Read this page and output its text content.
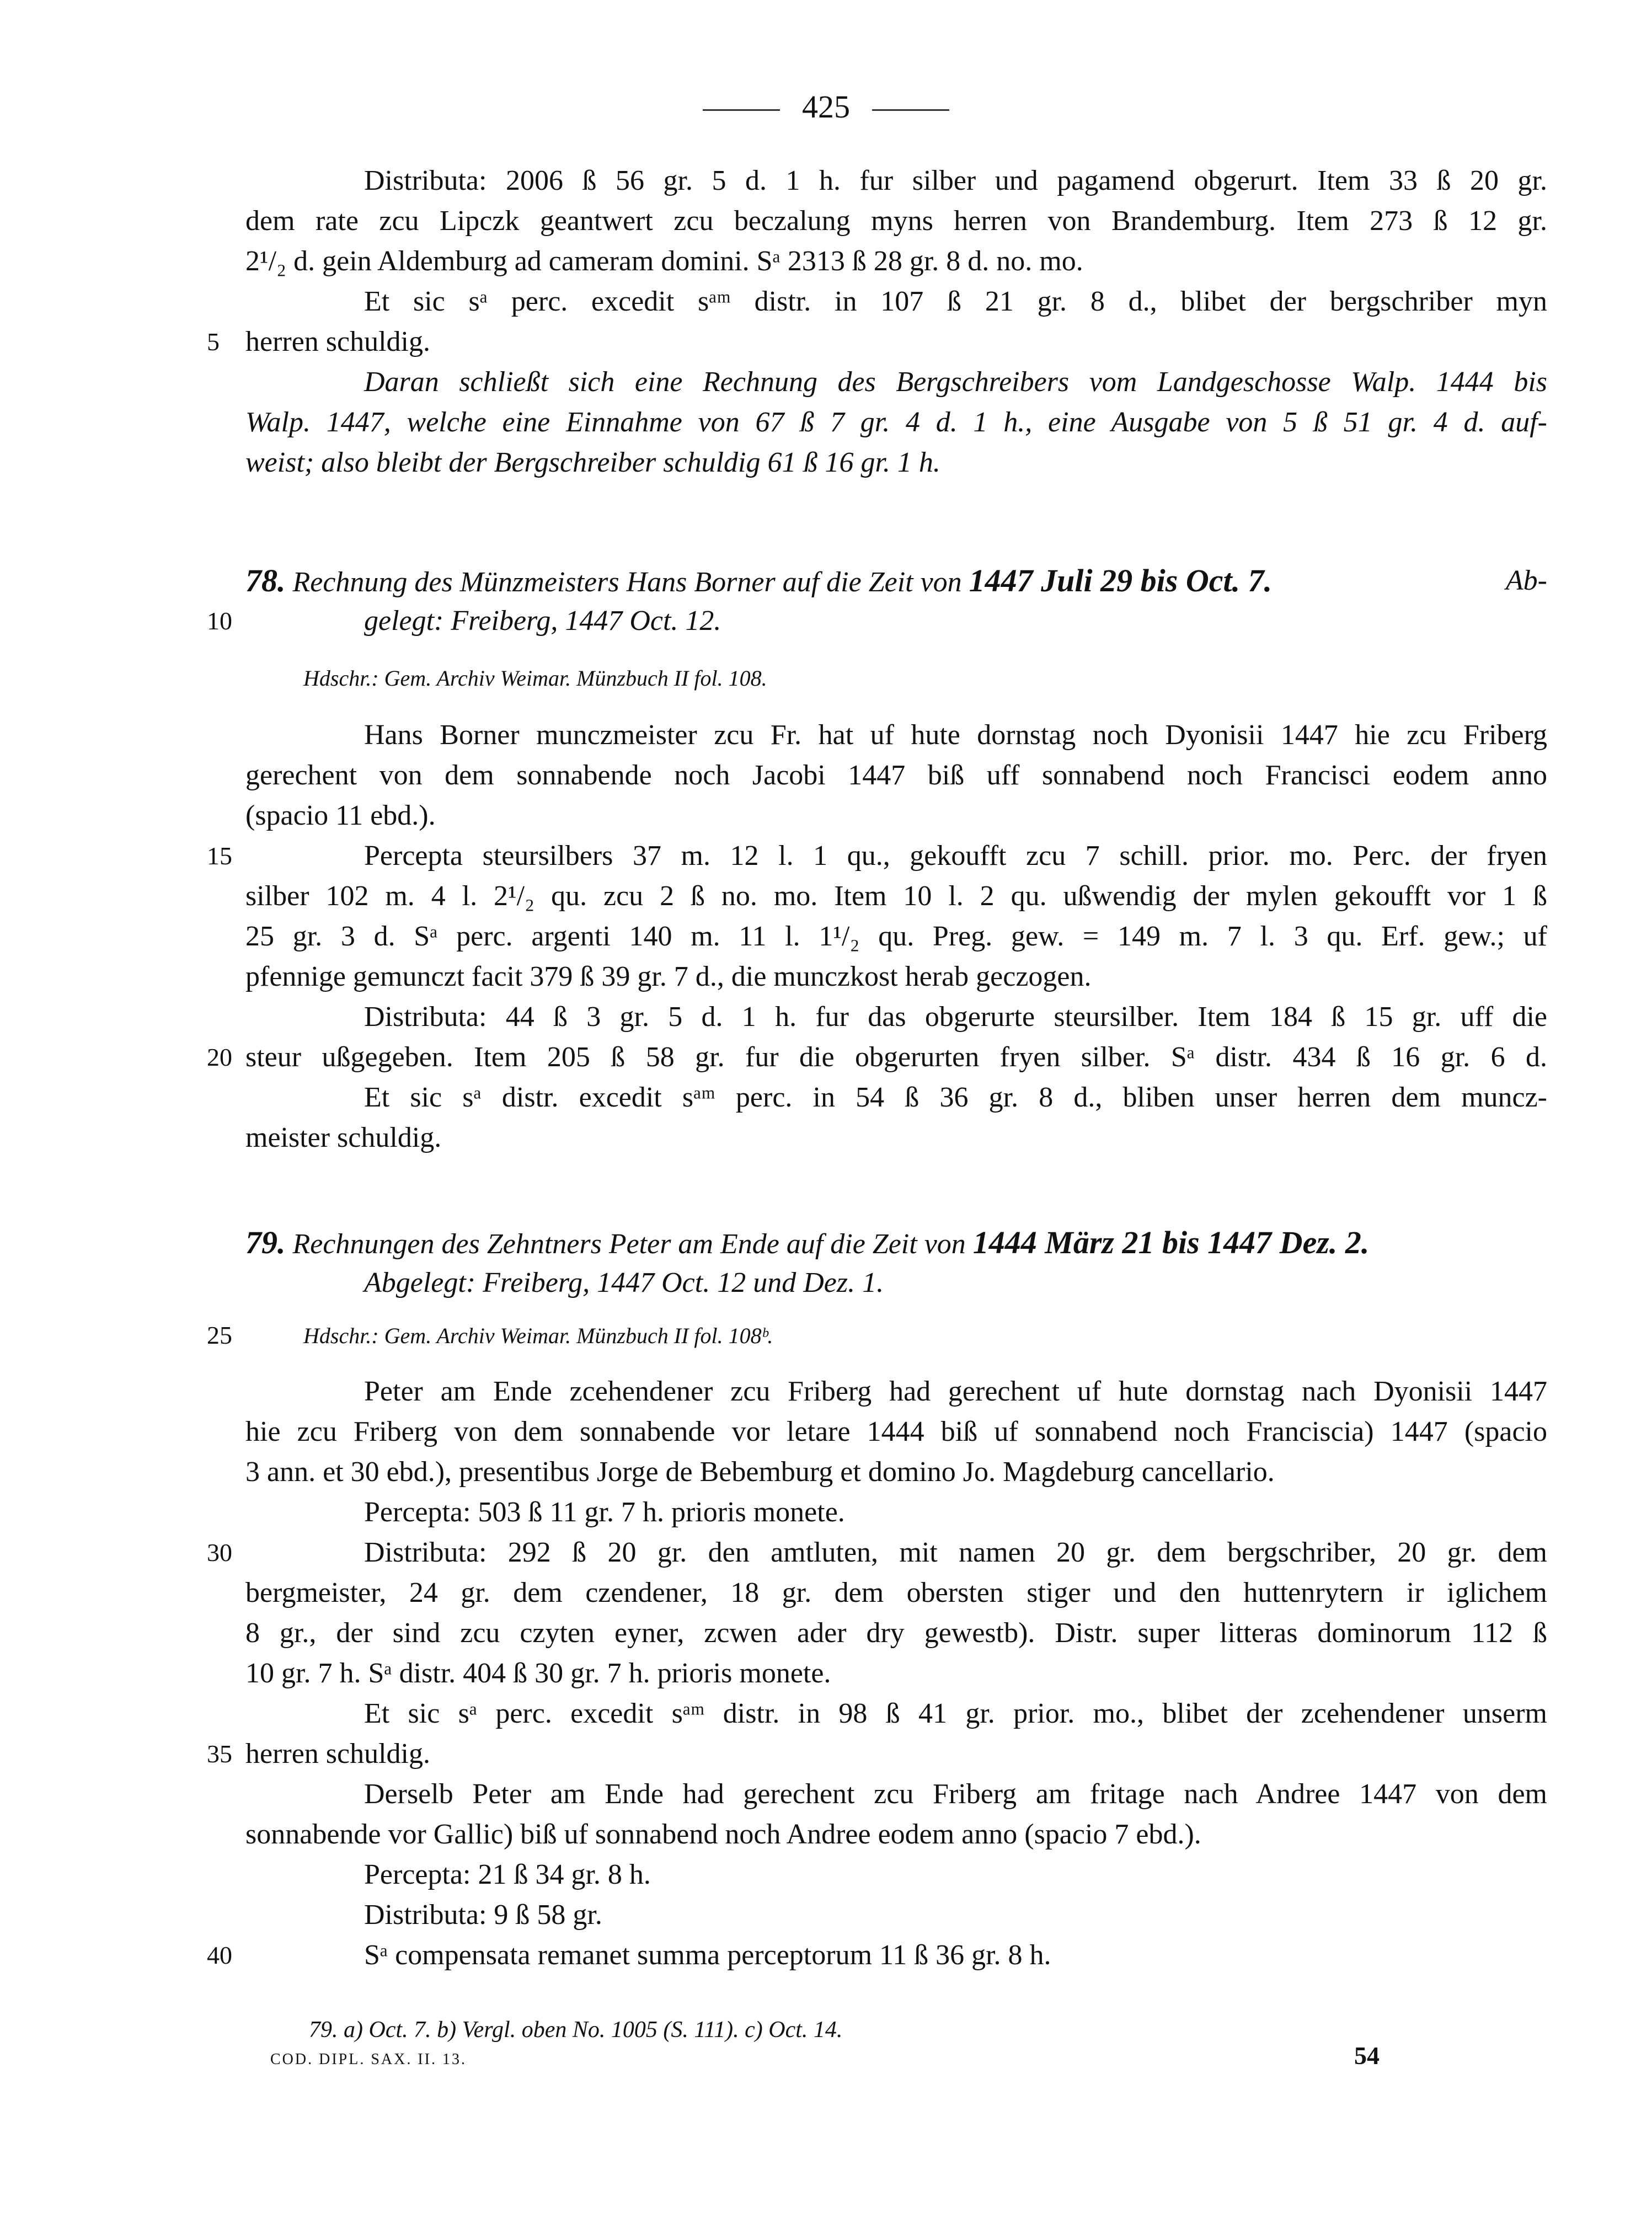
425
Distributa: 2006 ß 56 gr. 5 d. 1 h. fur silber und pagamend obgerurt. Item 33 ß 20 gr.
dem rate zcu Lipczk geantwert zcu beczalung myns herren von Brandemburg. Item 273 ß 12 gr.
2¹/₂ d. gein Aldemburg ad cameram domini. Sᵃ 2313 ß 28 gr. 8 d. no. mo.
Et sic sᵃ perc. excedit sᵃᵐ distr. in 107 ß 21 gr. 8 d., blibet der bergschriber myn
5 herren schuldig.
Daran schließt sich eine Rechnung des Bergschreibers vom Landgeschosse Walp. 1444 bis
Walp. 1447, welche eine Einnahme von 67 ß 7 gr. 4 d. 1 h., eine Ausgabe von 5 ß 51 gr. 4 d. auf-
weist; also bleibt der Bergschreiber schuldig 61 ß 16 gr. 1 h.
78. Rechnung des Münzmeisters Hans Borner auf die Zeit von 1447 Juli 29 bis Oct. 7.	Ab-
10	gelegt: Freiberg, 1447 Oct. 12.
Hdschr.: Gem. Archiv Weimar. Münzbuch II fol. 108.
Hans Borner munczmeister zcu Fr. hat uf hute dornstag noch Dyonisii 1447 hie zcu Friberg
gerechent von dem sonnabende noch Jacobi 1447 biß uff sonnabend noch Francisci eodem anno
(spacio 11 ebd.).
15	Percepta steursilbers 37 m. 12 l. 1 qu., gekoufft zcu 7 schill. prior. mo. Perc. der fryen
silber 102 m. 4 l. 2¹/₂ qu. zcu 2 ß no. mo. Item 10 l. 2 qu. ußwendig der mylen gekoufft vor 1 ß
25 gr. 3 d. Sᵃ perc. argenti 140 m. 11 l. 1¹/₂ qu. Preg. gew. = 149 m. 7 l. 3 qu. Erf. gew.; uf
pfennige gemunczt facit 379 ß 39 gr. 7 d., die munczkost herab geczogen.
Distributa: 44 ß 3 gr. 5 d. 1 h. fur das obgerurte steursilber. Item 184 ß 15 gr. uff die
20 steur ußgegeben. Item 205 ß 58 gr. fur die obgerurten fryen silber. Sᵃ distr. 434 ß 16 gr. 6 d.
Et sic sᵃ distr. excedit sᵃᵐ perc. in 54 ß 36 gr. 8 d., bliben unser herren dem muncz-
meister schuldig.
79. Rechnungen des Zehntners Peter am Ende auf die Zeit von 1444 März 21 bis 1447 Dez. 2.
Abgelegt: Freiberg, 1447 Oct. 12 und Dez. 1.
25	Hdschr.: Gem. Archiv Weimar. Münzbuch II fol. 108ᵇ.
Peter am Ende zcehendener zcu Friberg had gerechent uf hute dornstag nach Dyonisii 1447
hie zcu Friberg von dem sonnabende vor letare 1444 biß uf sonnabend noch Franciscia) 1447 (spacio
3 ann. et 30 ebd.), presentibus Jorge de Bebemburg et domino Jo. Magdeburg cancellario.
Percepta: 503 ß 11 gr. 7 h. prioris monete.
30	Distributa: 292 ß 20 gr. den amtluten, mit namen 20 gr. dem bergschriber, 20 gr. dem
bergmeister, 24 gr. dem czendener, 18 gr. dem obersten stiger und den huttenrytern ir iglichem
8 gr., der sind zcu czyten eyner, zcwen ader dry gewestb). Distr. super litteras dominorum 112 ß
10 gr. 7 h. Sᵃ distr. 404 ß 30 gr. 7 h. prioris monete.
Et sic sᵃ perc. excedit sᵃᵐ distr. in 98 ß 41 gr. prior. mo., blibet der zcehendener unserm
35 herren schuldig.
Derselb Peter am Ende had gerechent zcu Friberg am fritage nach Andree 1447 von dem
sonnabende vor Gallic) biß uf sonnabend noch Andree eodem anno (spacio 7 ebd.).
Percepta: 21 ß 34 gr. 8 h.
Distributa: 9 ß 58 gr.
40	Sᵃ compensata remanet summa perceptorum 11 ß 36 gr. 8 h.
79. a) Oct. 7. b) Vergl. oben No. 1005 (S. 111). c) Oct. 14.
COD. DIPL. SAX. II. 13.	54
